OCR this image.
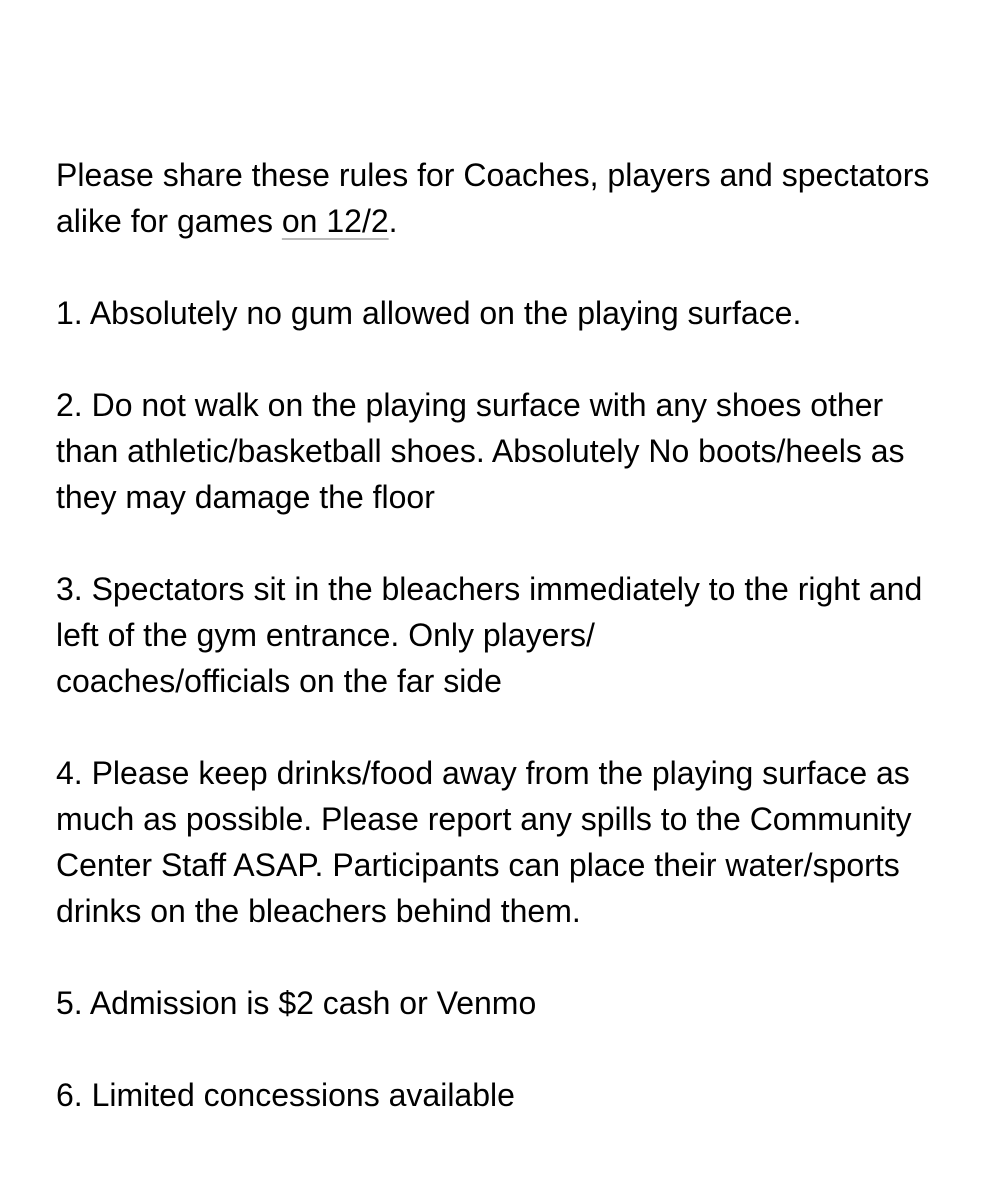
Please share these rules for Coaches, players and spectators alike for games on 12/2.

1. Absolutely no gum allowed on the playing surface.

2. Do not walk on the playing surface with any shoes other than athletic/basketball shoes. Absolutely No boots/heels as they may damage the floor

3. Spectators sit in the bleachers immediately to the right and left of the gym entrance. Only players/
coaches/officials on the far side

4. Please keep drinks/food away from the playing surface as much as possible. Please report any spills to the Community Center Staff ASAP. Participants can place their water/sports drinks on the bleachers behind them.

5. Admission is $2 cash or Venmo

6. Limited concessions available
